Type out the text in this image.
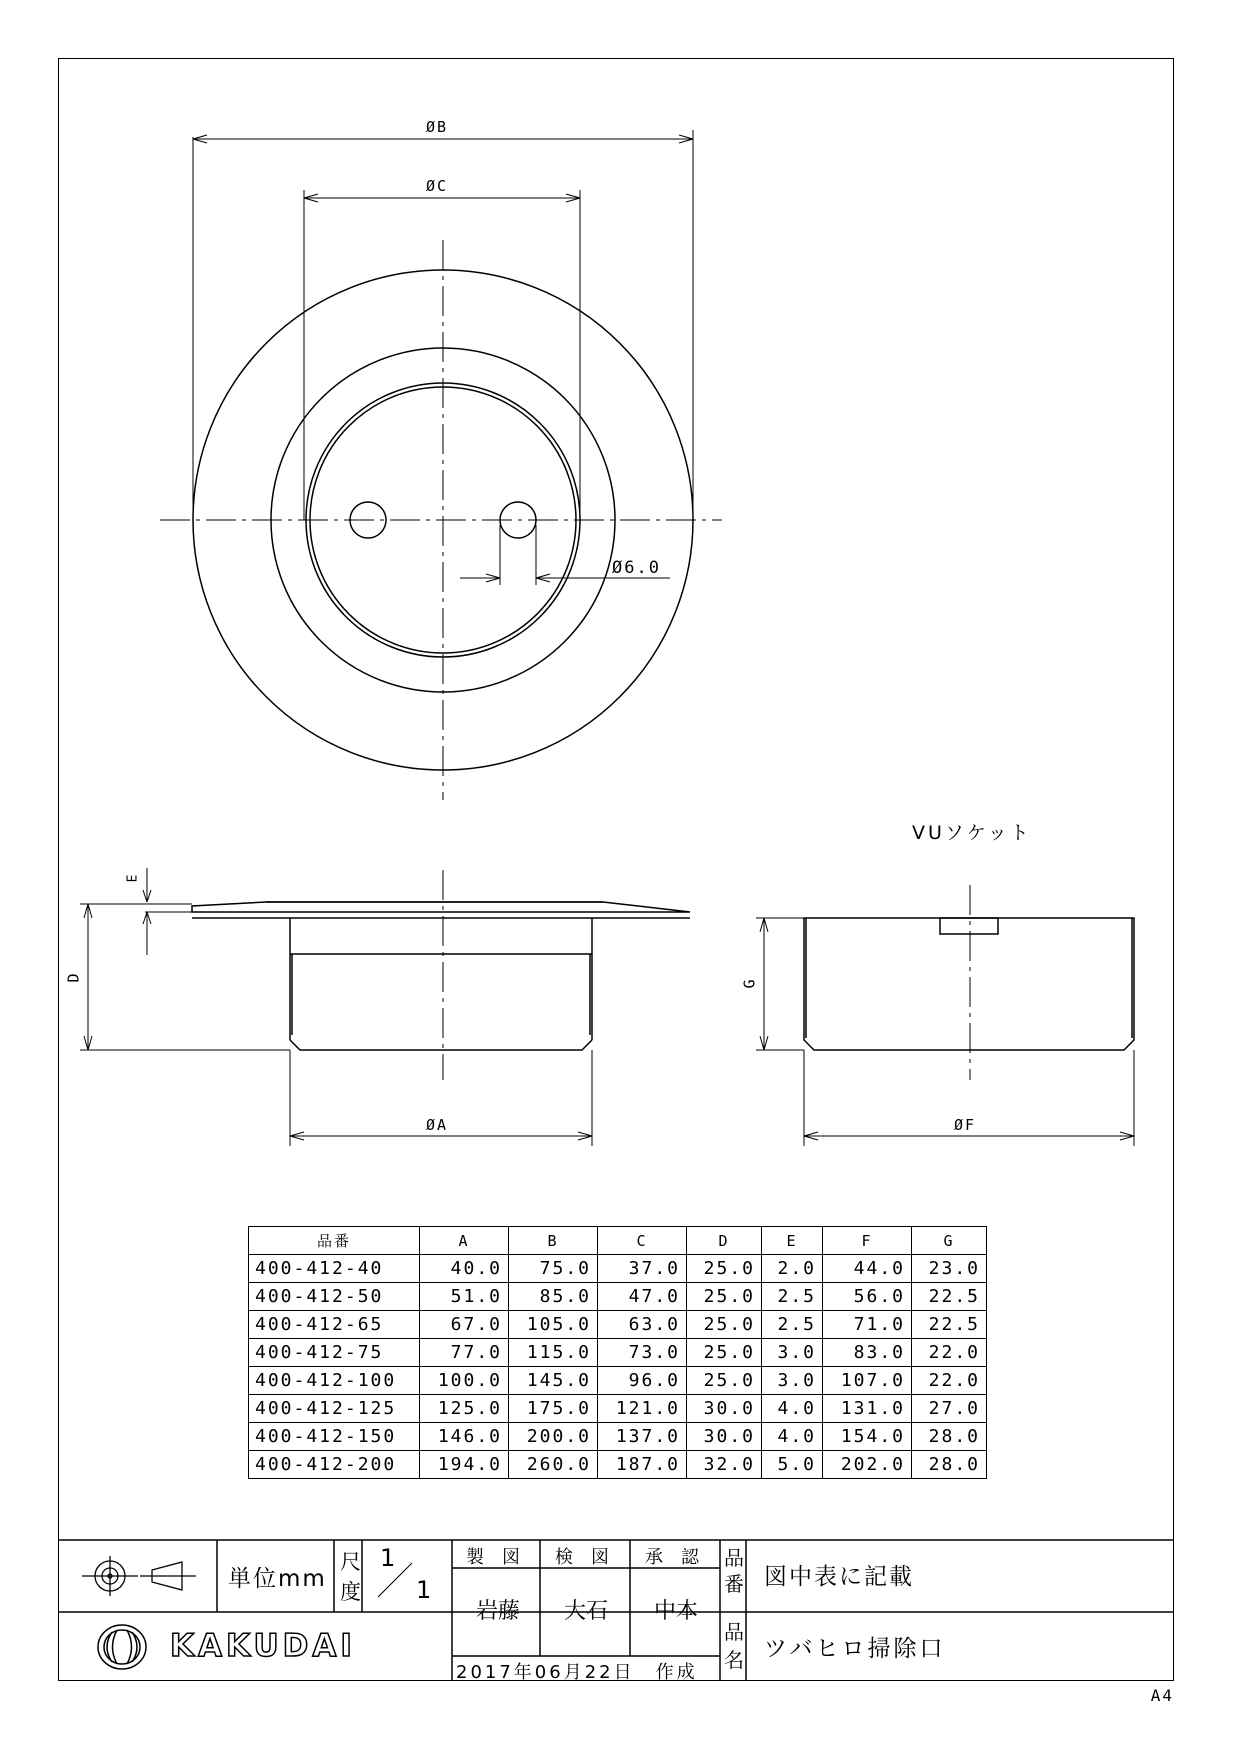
ØB
ØC
Ø6.0
E
D
ØA
VUソケット
G
ØF
品番	A	B	C	D	E	F	G
400-412-40	40.0	75.0	37.0	25.0	2.0	44.0	23.0
400-412-50	51.0	85.0	47.0	25.0	2.5	56.0	22.5
400-412-65	67.0	105.0	63.0	25.0	2.5	71.0	22.5
400-412-75	77.0	115.0	73.0	25.0	3.0	83.0	22.0
400-412-100	100.0	145.0	96.0	25.0	3.0	107.0	22.0
400-412-125	125.0	175.0	121.0	30.0	4.0	131.0	27.0
400-412-150	146.0	200.0	137.0	30.0	4.0	154.0	28.0
400-412-200	194.0	260.0	187.0	32.0	5.0	202.0	28.0
単位mm
尺
度
1
1
製　図 検　図 承　認
岩藤 大石 中本
2017年06月22日　作成
品
番 図中表に記載
品
名 ツバヒロ掃除口
KAKUDAI
A4
